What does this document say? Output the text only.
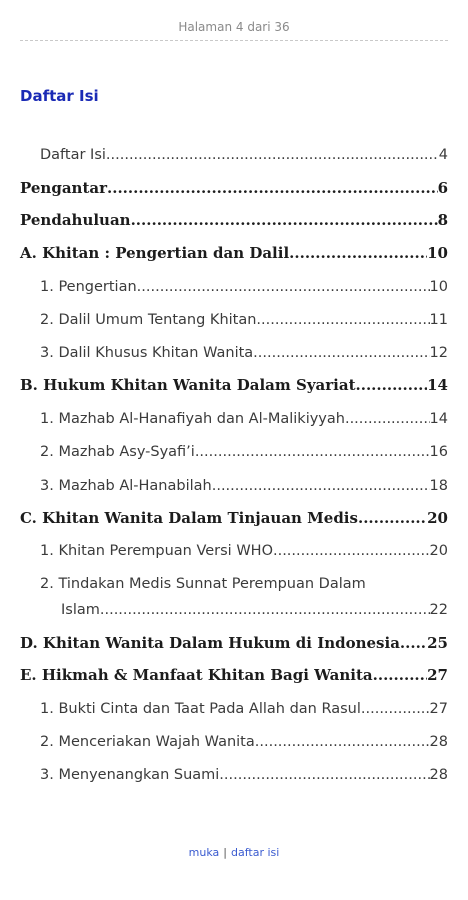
Halaman 4 dari 36
Daftar Isi
Daftar Isi .....	4
Pengantar .....	6
Pendahuluan .....	8
A. Khitan : Pengertian dan Dalil .....	10
1. Pengertian .....	10
2. Dalil Umum Tentang Khitan .....	11
3. Dalil Khusus Khitan Wanita .....	12
B. Hukum Khitan Wanita Dalam Syariat .....	14
1. Mazhab Al-Hanafiyah dan Al-Malikiyyah .....	14
2. Mazhab Asy-Syafi’i .....	16
3. Mazhab Al-Hanabilah .....	18
C. Khitan Wanita Dalam Tinjauan Medis .....	20
1. Khitan Perempuan Versi WHO .....	20
2. Tindakan Medis Sunnat Perempuan Dalam
Islam .....	22
D. Khitan Wanita Dalam Hukum di Indonesia ..... 25
E. Hikmah & Manfaat Khitan Bagi Wanita .....	27
1. Bukti Cinta dan Taat Pada Allah dan Rasul .....	27
2. Menceriakan Wajah Wanita .....	28
3. Menyenangkan Suami .....	28
muka | daftar isi
